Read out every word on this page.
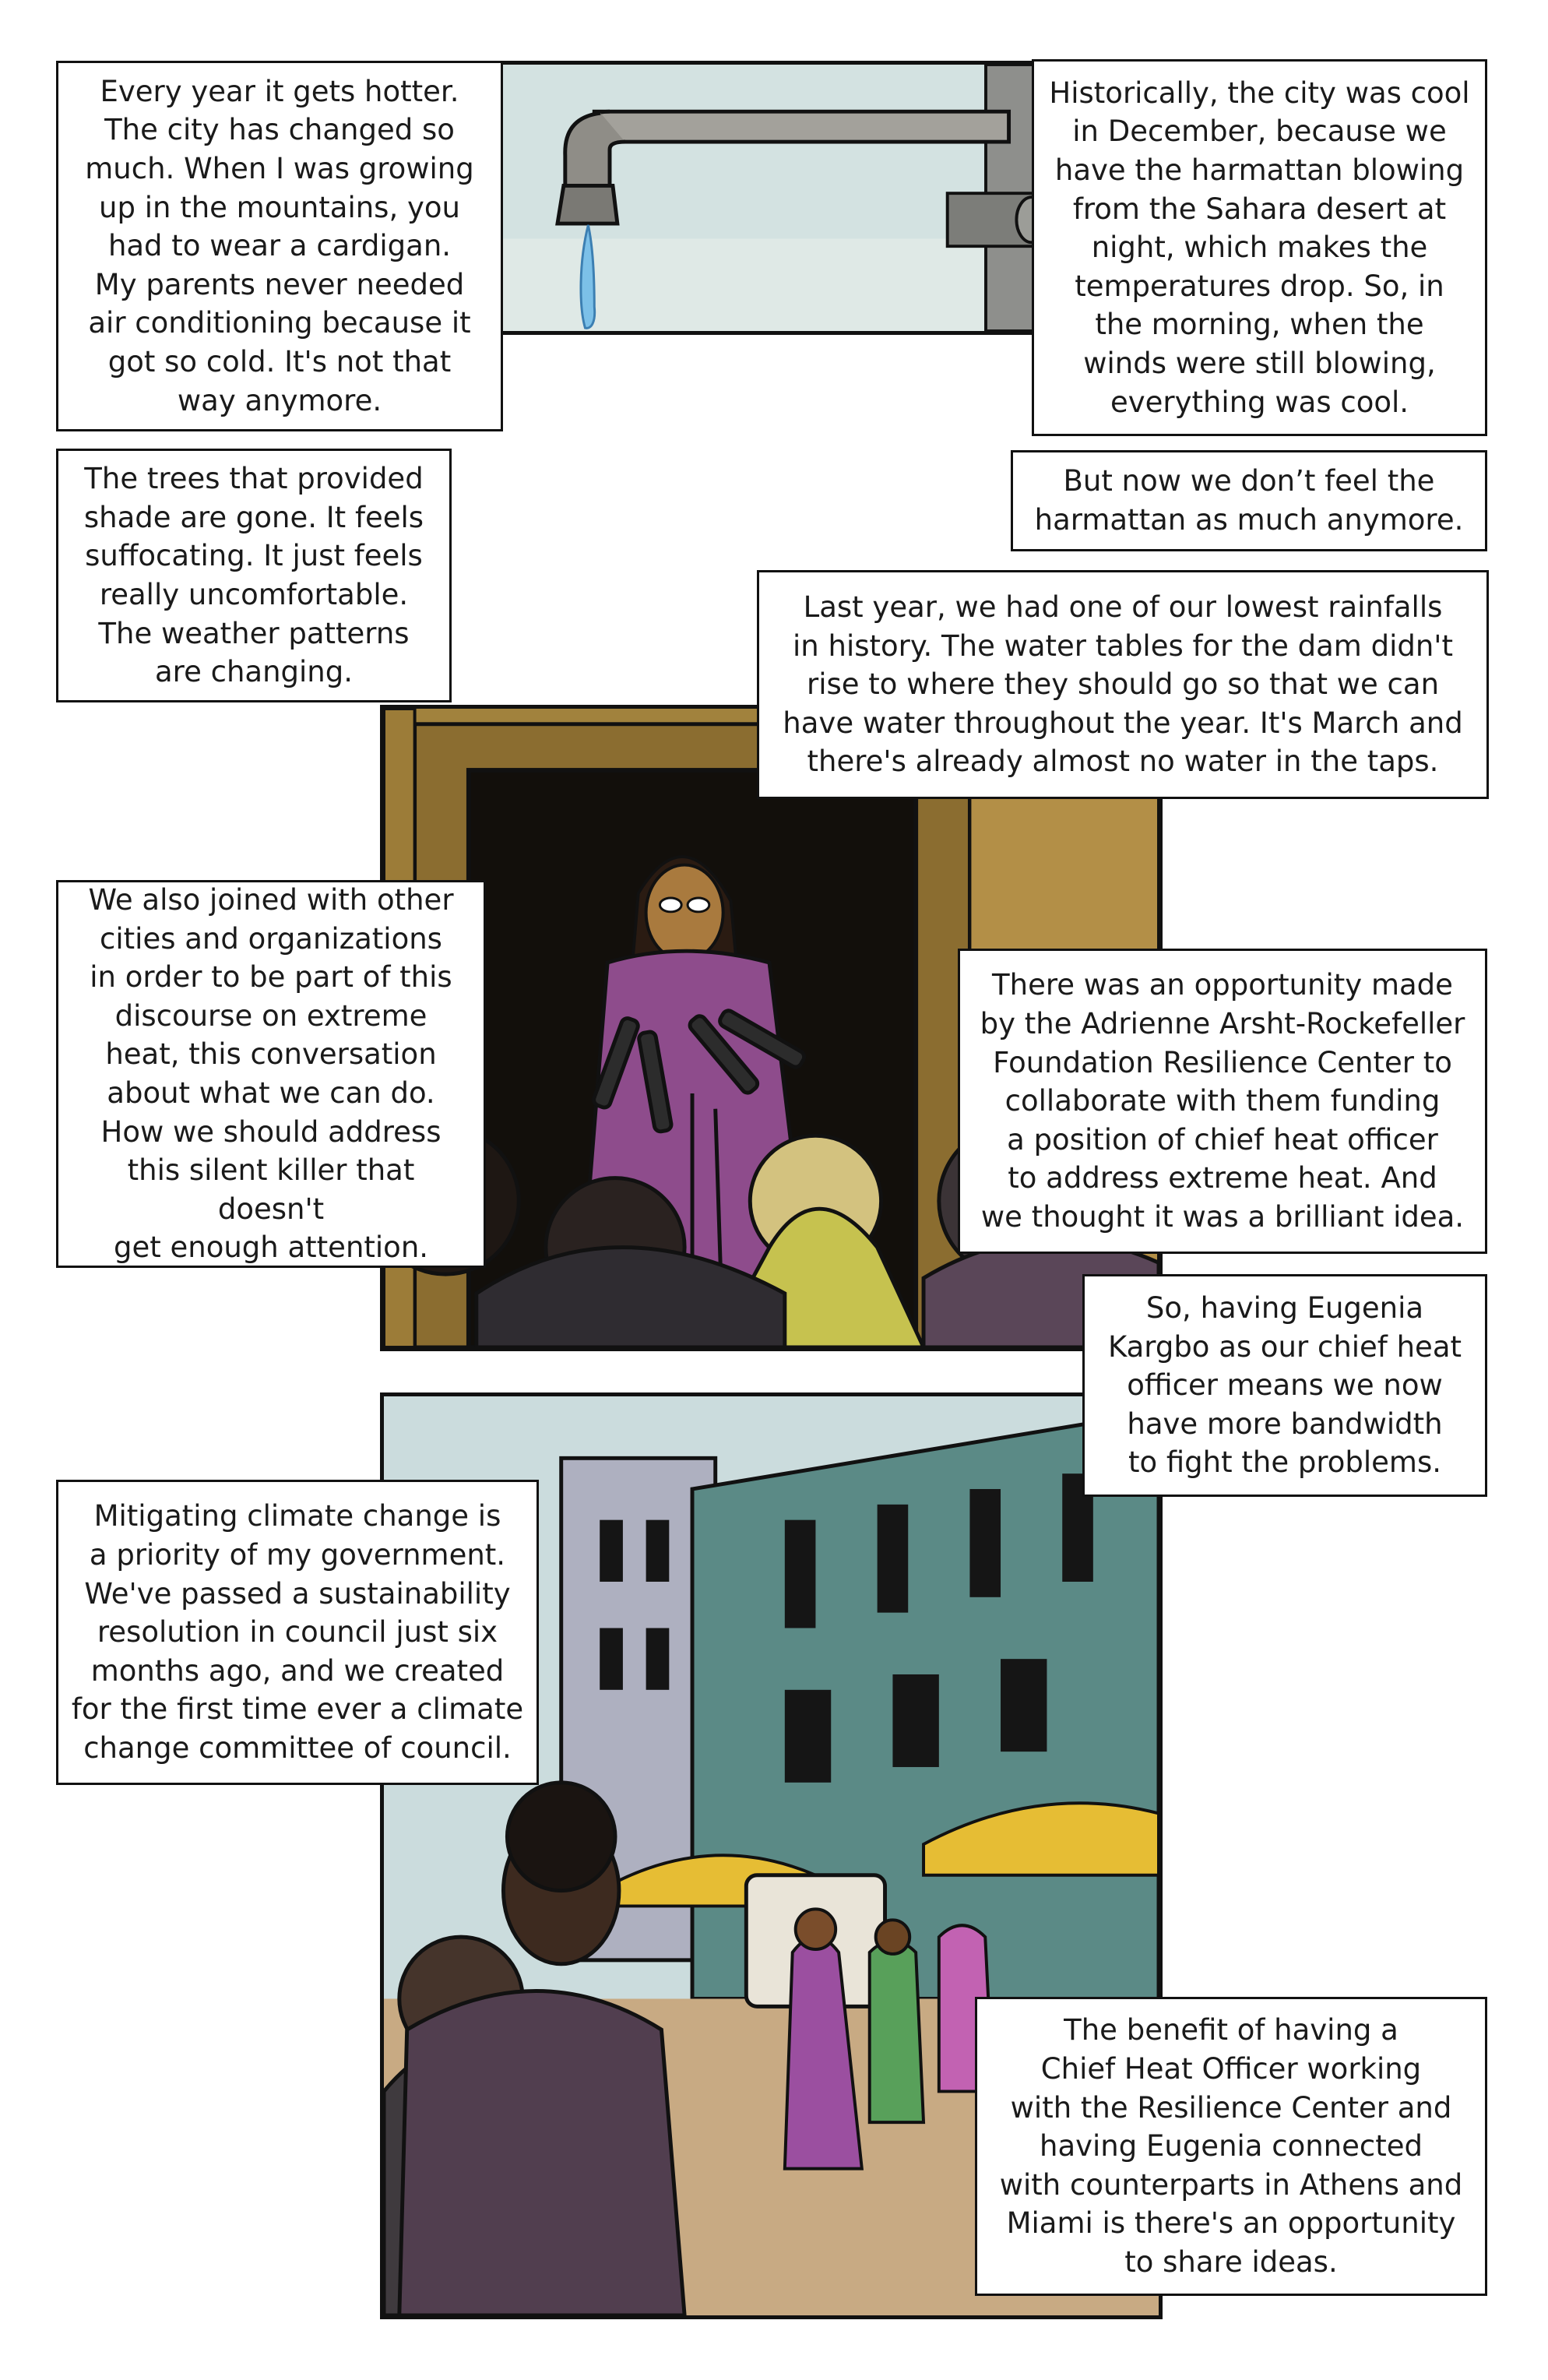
Every year it gets hotter.
The city has changed so
much. When I was growing
up in the mountains, you
had to wear a cardigan.
My parents never needed
air conditioning because it
got so cold. It's not that
way anymore.
Historically, the city was cool
in December, because we
have the harmattan blowing
from the Sahara desert at
night, which makes the
temperatures drop. So, in
the morning, when the
winds were still blowing,
everything was cool.
The trees that provided
shade are gone. It feels
suffocating. It just feels
really uncomfortable.
The weather patterns
are changing.
But now we don’t feel the
harmattan as much anymore.
Last year, we had one of our lowest rainfalls
in history. The water tables for the dam didn't
rise to where they should go so that we can
have water throughout the year. It's March and
there's already almost no water in the taps.
We also joined with other
cities and organizations
in order to be part of this
discourse on extreme
heat, this conversation
about what we can do.
How we should address
this silent killer that doesn't
get enough attention.
There was an opportunity made
by the Adrienne Arsht-Rockefeller
Foundation Resilience Center to
collaborate with them funding
a position of chief heat officer
to address extreme heat. And
we thought it was a brilliant idea.
So, having Eugenia
Kargbo as our chief heat
officer means we now
have more bandwidth
to fight the problems.
Mitigating climate change is
a priority of my government.
We've passed a sustainability
resolution in council just six
months ago, and we created
for the first time ever a climate
change committee of council.
The benefit of having a
Chief Heat Officer working
with the Resilience Center and
having Eugenia connected
with counterparts in Athens and
Miami is there's an opportunity
to share ideas.
